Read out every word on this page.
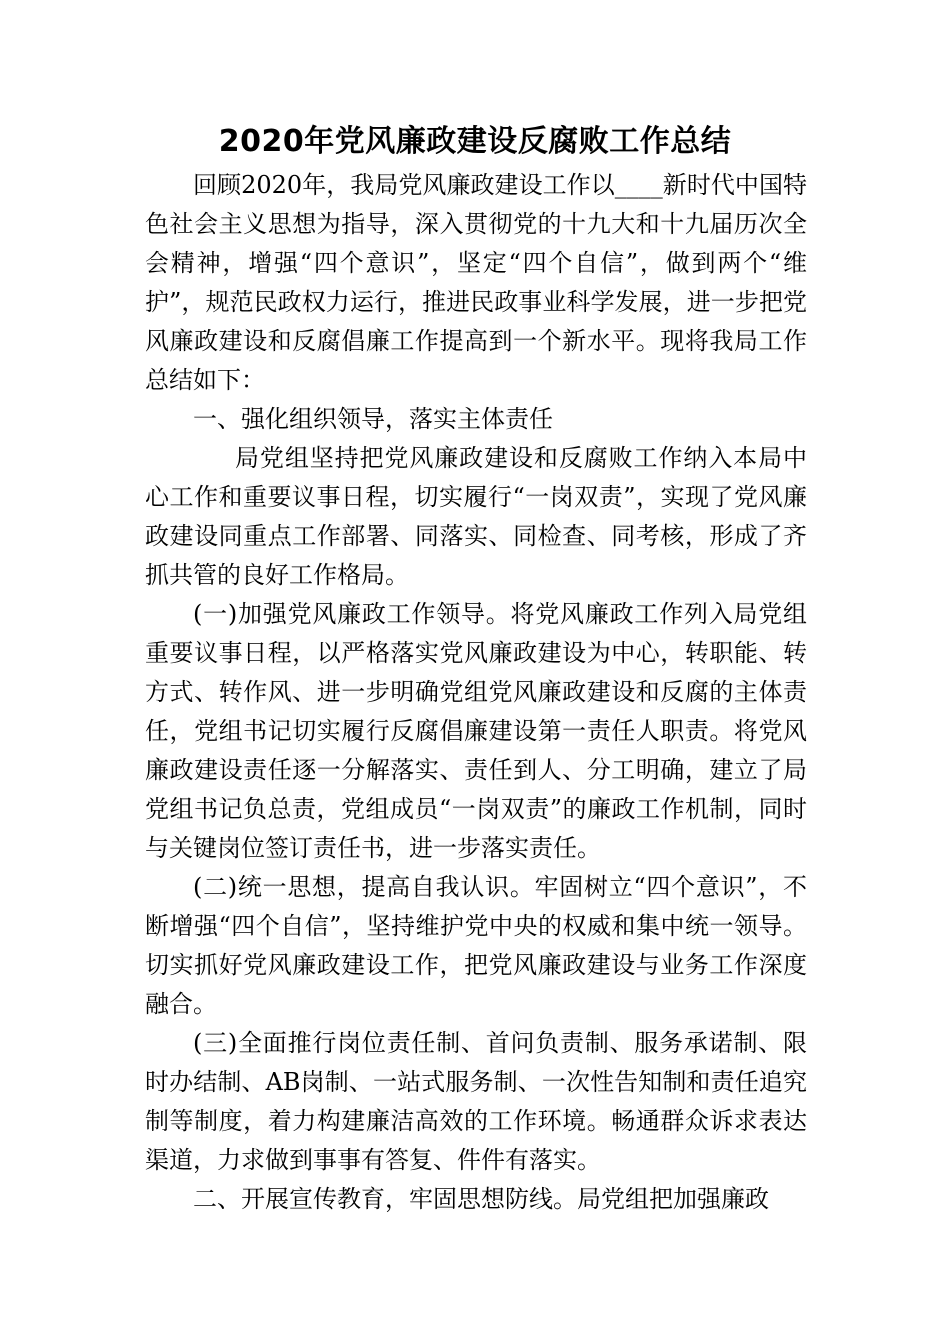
2020年党风廉政建设反腐败工作总结

回顾2020年，我局党风廉政建设工作以____新时代中国特色社会主义思想为指导，深入贯彻党的十九大和十九届历次全会精神，增强“四个意识”，坚定“四个自信”，做到两个“维护”，规范民政权力运行，推进民政事业科学发展，进一步把党风廉政建设和反腐倡廉工作提高到一个新水平。现将我局工作总结如下：

一、强化组织领导，落实主体责任

局党组坚持把党风廉政建设和反腐败工作纳入本局中心工作和重要议事日程，切实履行“一岗双责”，实现了党风廉政建设同重点工作部署、同落实、同检查、同考核，形成了齐抓共管的良好工作格局。

(一)加强党风廉政工作领导。将党风廉政工作列入局党组重要议事日程，以严格落实党风廉政建设为中心，转职能、转方式、转作风、进一步明确党组党风廉政建设和反腐的主体责任，党组书记切实履行反腐倡廉建设第一责任人职责。将党风廉政建设责任逐一分解落实、责任到人、分工明确，建立了局党组书记负总责，党组成员“一岗双责”的廉政工作机制，同时与关键岗位签订责任书，进一步落实责任。

(二)统一思想，提高自我认识。牢固树立“四个意识”，不断增强“四个自信”，坚持维护党中央的权威和集中统一领导。切实抓好党风廉政建设工作，把党风廉政建设与业务工作深度融合。

(三)全面推行岗位责任制、首问负责制、服务承诺制、限时办结制、AB岗制、一站式服务制、一次性告知制和责任追究制等制度，着力构建廉洁高效的工作环境。畅通群众诉求表达渠道，力求做到事事有答复、件件有落实。

二、开展宣传教育，牢固思想防线。局党组把加强廉政
